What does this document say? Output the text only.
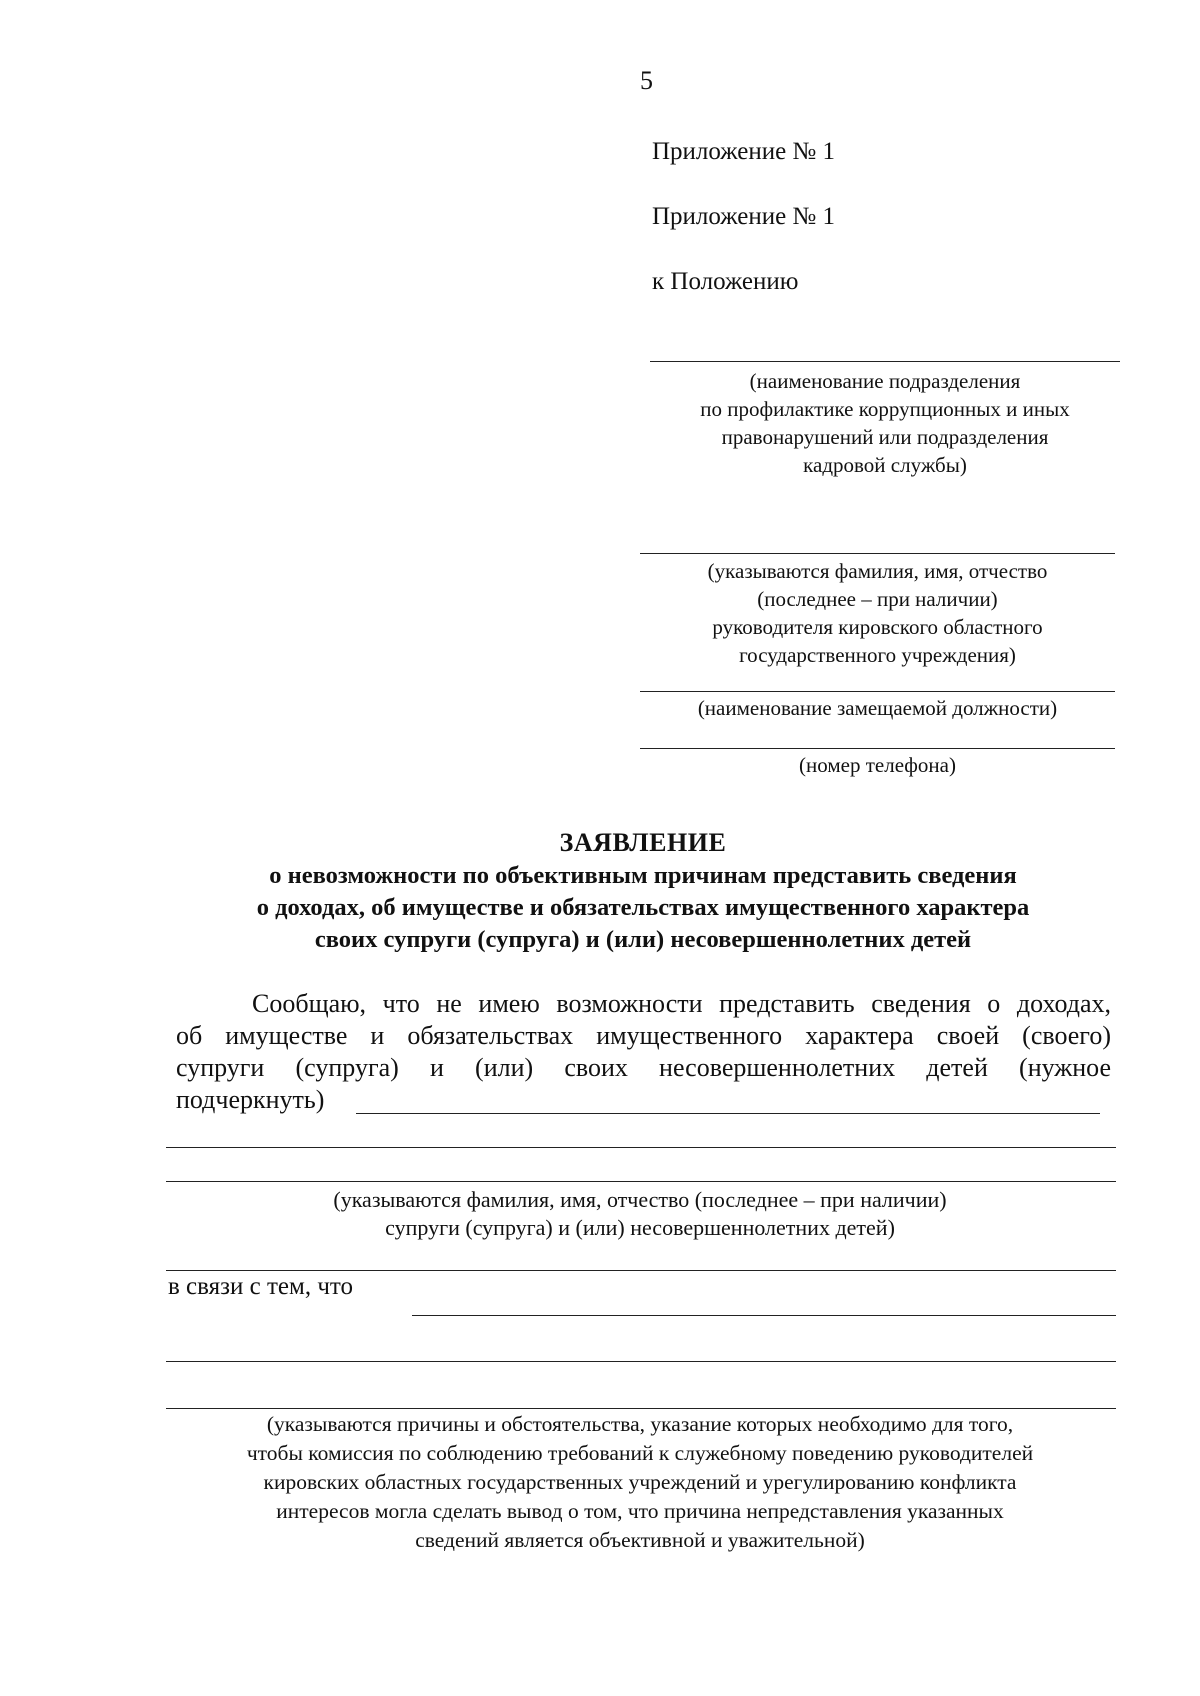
5
Приложение № 1
Приложение № 1
к Положению
(наименование подразделения
по профилактике коррупционных и иных
правонарушений или подразделения
кадровой службы)
(указываются фамилия, имя, отчество
(последнее – при наличии)
руководителя кировского областного
государственного учреждения)
(наименование замещаемой должности)
(номер телефона)
ЗАЯВЛЕНИЕ
о невозможности по объективным причинам представить сведения
о доходах, об имуществе и обязательствах имущественного характера
своих супруги (супруга) и (или) несовершеннолетних детей
Сообщаю, что не имею возможности представить сведения о доходах,
об имуществе и обязательствах имущественного характера своей (своего)
супруги (супруга) и (или) своих несовершеннолетних детей (нужное
подчеркнуть)
(указываются фамилия, имя, отчество (последнее – при наличии)
супруги (супруга) и (или) несовершеннолетних детей)
в связи с тем, что
(указываются причины и обстоятельства, указание которых необходимо для того,
чтобы комиссия по соблюдению требований к служебному поведению руководителей
кировских областных государственных учреждений и урегулированию конфликта
интересов могла сделать вывод о том, что причина непредставления указанных
сведений является объективной и уважительной)
